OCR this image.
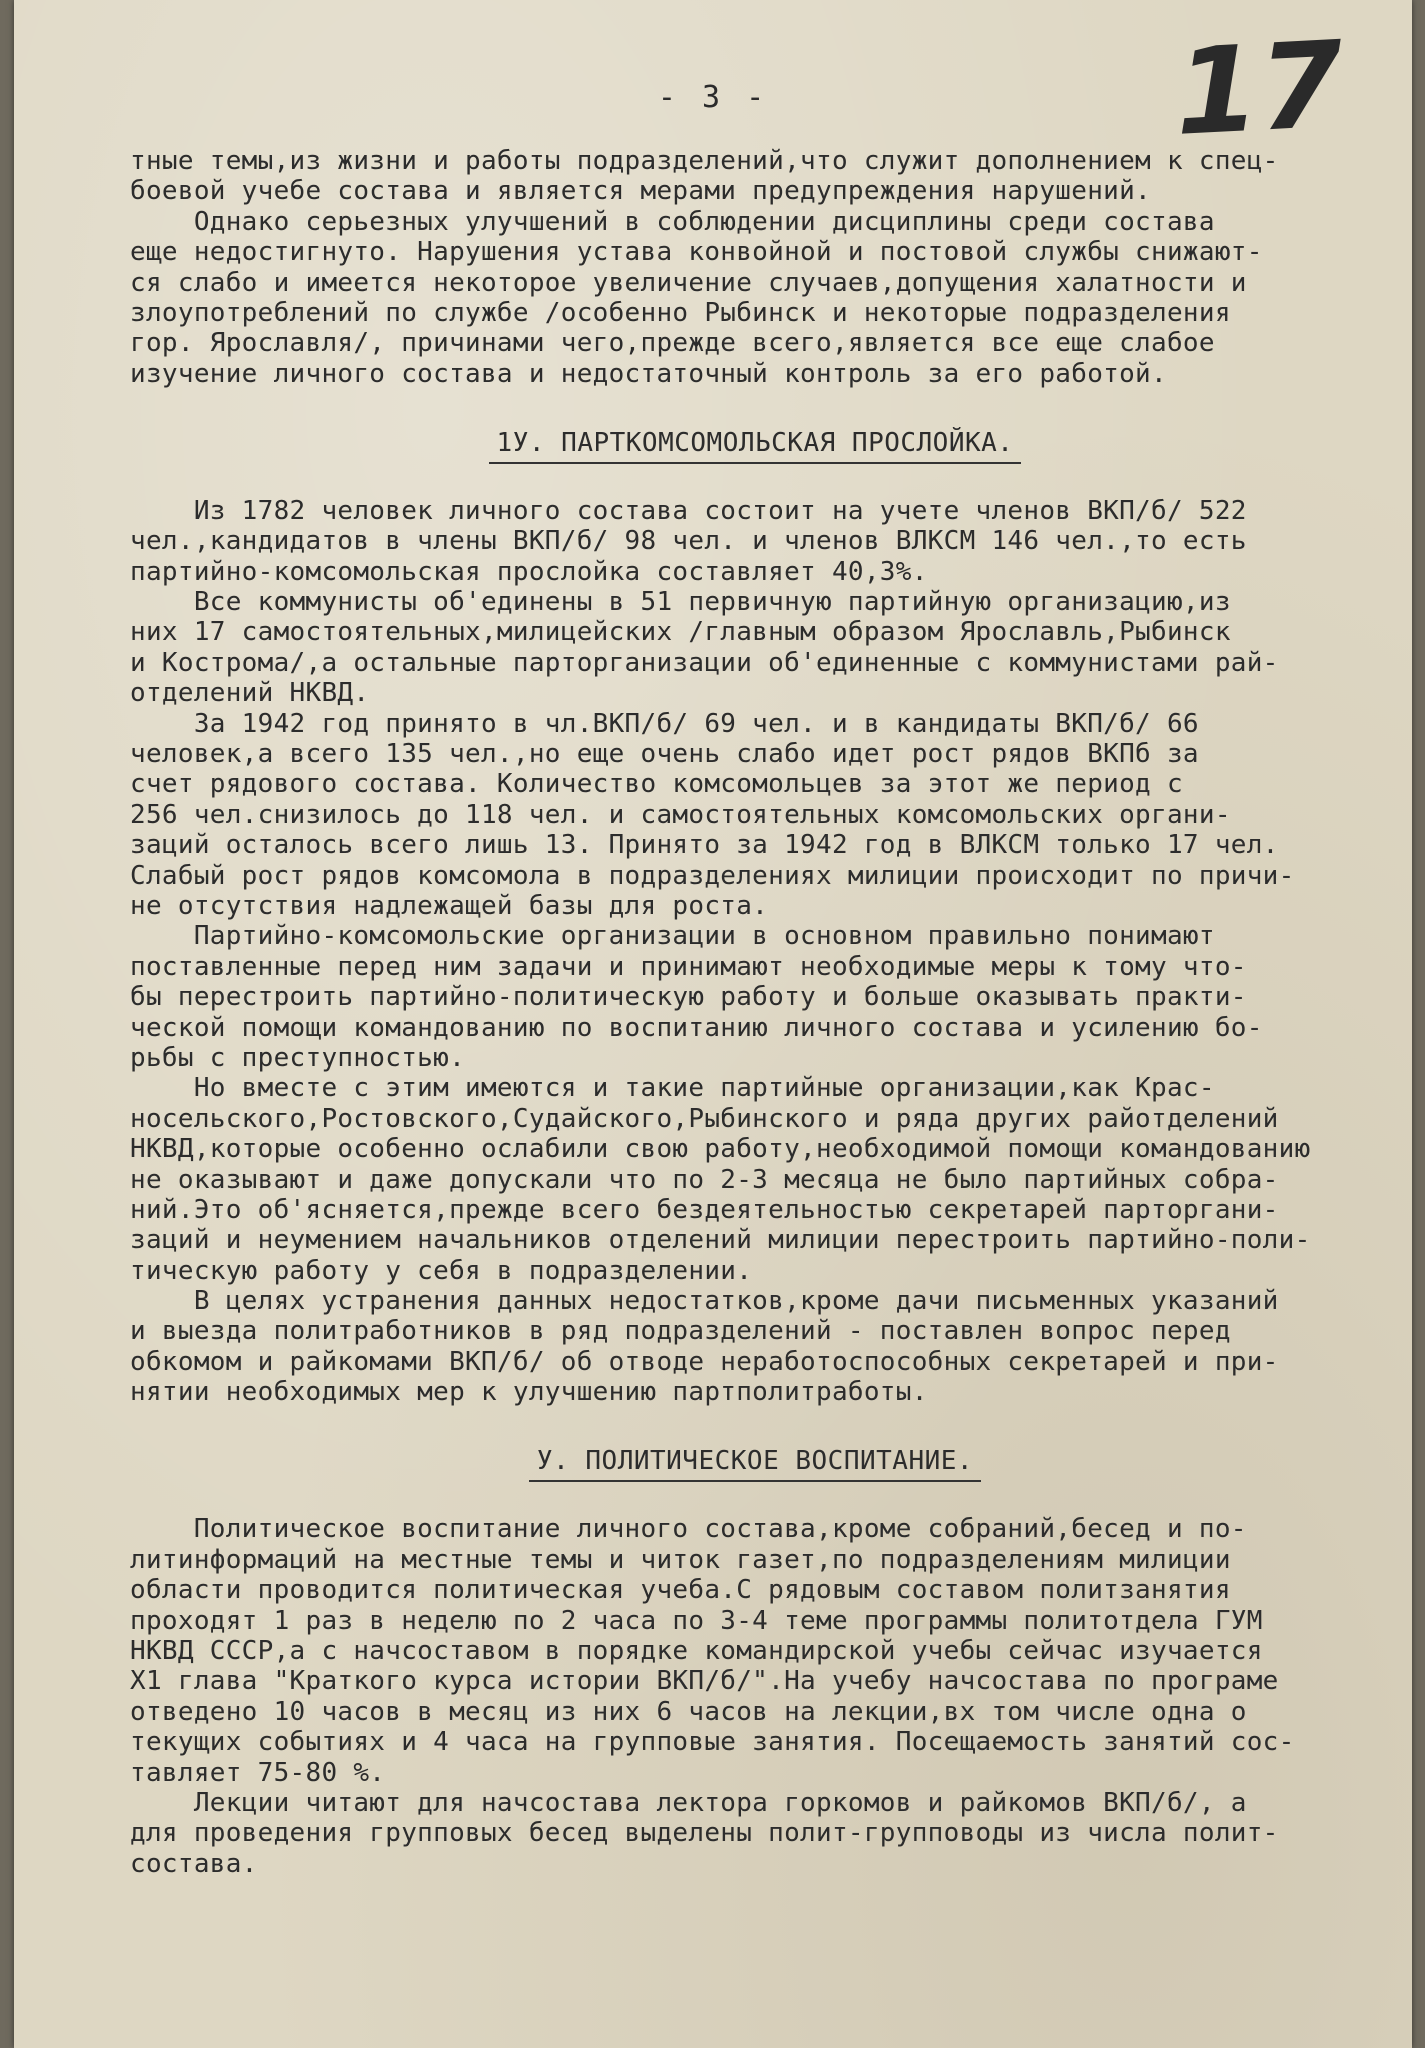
- 3 -	17
тные темы,из жизни и работы подразделений,что служит дополнением к спец-
боевой учебе состава и является мерами предупреждения нарушений.
Однако серьезных улучшений в соблюдении дисциплины среди состава
еще недостигнуто. Нарушения устава конвойной и постовой службы снижают-
ся слабо и имеется некоторое увеличение случаев,допущения халатности и
злоупотреблений по службе /особенно Рыбинск и некоторые подразделения
гор. Ярославля/, причинами чего,прежде всего,является все еще слабое
изучение личного состава и недостаточный контроль за его работой.
1У. ПАРТКОМСОМОЛЬСКАЯ ПРОСЛОЙКА.
Из 1782 человек личного состава состоит на учете членов ВКП/б/ 522
чел.,кандидатов в члены ВКП/б/ 98 чел. и членов ВЛКСМ 146 чел.,то есть
партийно-комсомольская прослойка составляет 40,3%.
Все коммунисты об'единены в 51 первичную партийную организацию,из
них 17 самостоятельных,милицейских /главным образом Ярославль,Рыбинск
и Кострома/,а остальные парторганизации об'единенные с коммунистами рай-
отделений НКВД.
За 1942 год принято в чл.ВКП/б/ 69 чел. и в кандидаты ВКП/б/ 66
человек,а всего 135 чел.,но еще очень слабо идет рост рядов ВКПб за
счет рядового состава. Количество комсомольцев за этот же период с
256 чел.снизилось до 118 чел. и самостоятельных комсомольских органи-
заций осталось всего лишь 13. Принято за 1942 год в ВЛКСМ только 17 чел.
Слабый рост рядов комсомола в подразделениях милиции происходит по причи-
не отсутствия надлежащей базы для роста.
Партийно-комсомольские организации в основном правильно понимают
поставленные перед ним задачи и принимают необходимые меры к тому что-
бы перестроить партийно-политическую работу и больше оказывать практи-
ческой помощи командованию по воспитанию личного состава и усилению бо-
рьбы с преступностью.
Но вместе с этим имеются и такие партийные организации,как Крас-
носельского,Ростовского,Судайского,Рыбинского и ряда других райотделений
НКВД,которые особенно ослабили свою работу,необходимой помощи командованию
не оказывают и даже допускали что по 2-3 месяца не было партийных собра-
ний.Это об'ясняется,прежде всего бездеятельностью секретарей парторгани-
заций и неумением начальников отделений милиции перестроить партийно-поли-
тическую работу у себя в подразделении.
В целях устранения данных недостатков,кроме дачи письменных указаний
и выезда политработников в ряд подразделений - поставлен вопрос перед
обкомом и райкомами ВКП/б/ об отводе неработоспособных секретарей и при-
нятии необходимых мер к улучшению партполитработы.
У. ПОЛИТИЧЕСКОЕ ВОСПИТАНИЕ.
Политическое воспитание личного состава,кроме собраний,бесед и по-
литинформаций на местные темы и читок газет,по подразделениям милиции
области проводится политическая учеба.С рядовым составом политзанятия
проходят 1 раз в неделю по 2 часа по 3-4 теме программы политотдела ГУМ
НКВД СССР,а с начсоставом в порядке командирской учебы сейчас изучается
Х1 глава "Краткого курса истории ВКП/б/".На учебу начсостава по програме
отведено 10 часов в месяц из них 6 часов на лекции,вх том числе одна о
текущих событиях и 4 часа на групповые занятия. Посещаемость занятий сос-
тавляет 75-80 %.
Лекции читают для начсостава лектора горкомов и райкомов ВКП/б/, а
для проведения групповых бесед выделены полит-групповоды из числа полит-
состава.
